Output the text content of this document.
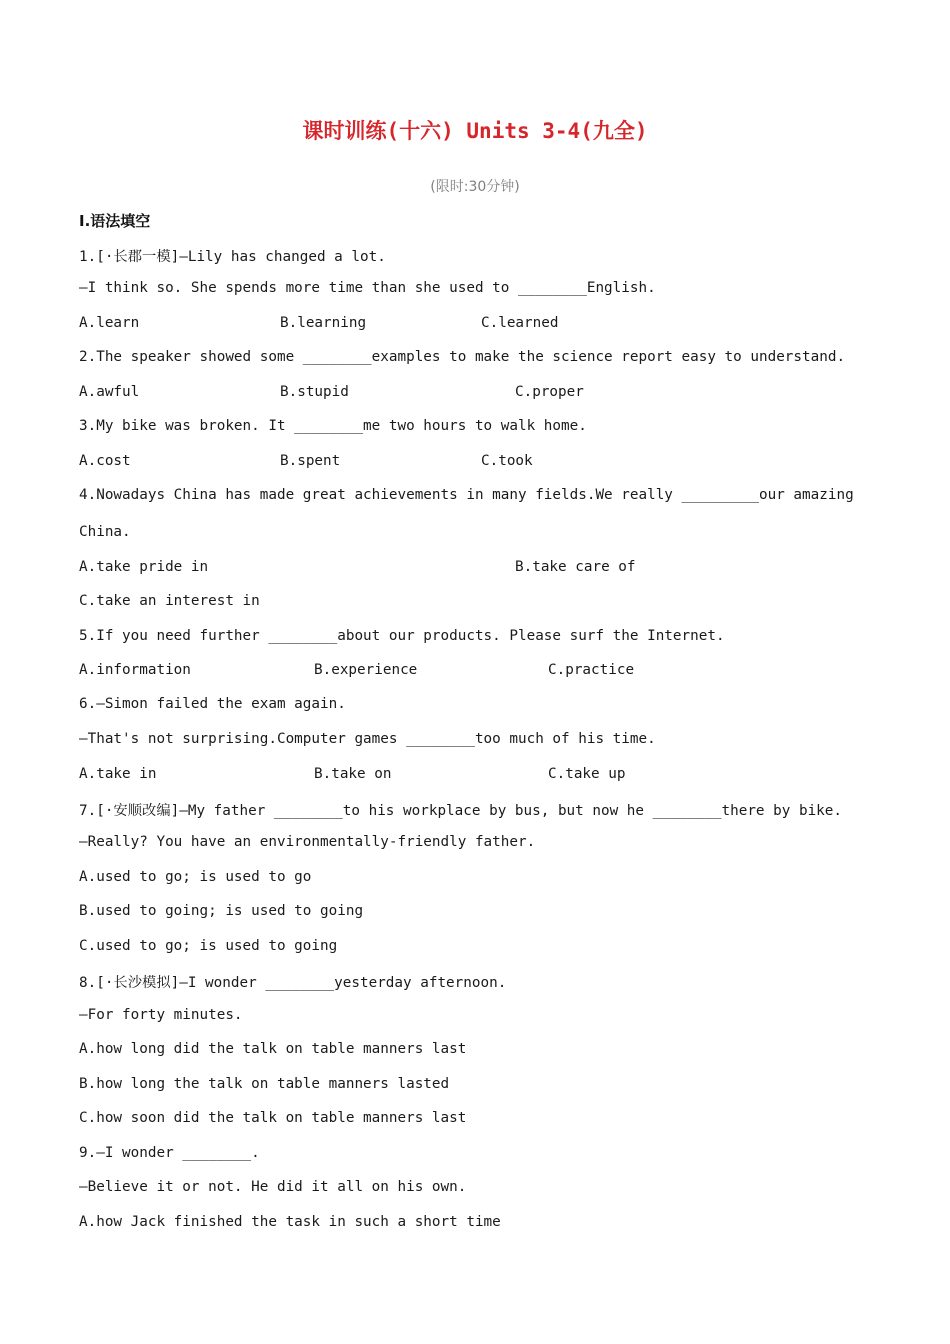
课时训练(十六) Units 3-4(九全)

(限时:30分钟)

Ⅰ.语法填空
1.[·长郡一模]—Lily has changed a lot.
—I think so. She spends more time than she used to ________English.
A.learn	B.learning	C.learned
2.The speaker showed some ________examples to make the science report easy to understand.
A.awful	B.stupid	C.proper
3.My bike was broken. It ________me two hours to walk home.
A.cost	B.spent	C.took
4.Nowadays China has made great achievements in many fields.We really _________our amazing
China.
A.take pride in	B.take care of
C.take an interest in
5.If you need further ________about our products. Please surf the Internet.
A.information	B.experience	C.practice
6.—Simon failed the exam again.
—That's not surprising.Computer games ________too much of his time.
A.take in	B.take on	C.take up
7.[·安顺改编]—My father ________to his workplace by bus, but now he ________there by bike.
—Really? You have an environmentally-friendly father.
A.used to go; is used to go
B.used to going; is used to going
C.used to go; is used to going
8.[·长沙模拟]—I wonder ________yesterday afternoon.
—For forty minutes.
A.how long did the talk on table manners last
B.how long the talk on table manners lasted
C.how soon did the talk on table manners last
9.—I wonder ________.
—Believe it or not. He did it all on his own.
A.how Jack finished the task in such a short time
